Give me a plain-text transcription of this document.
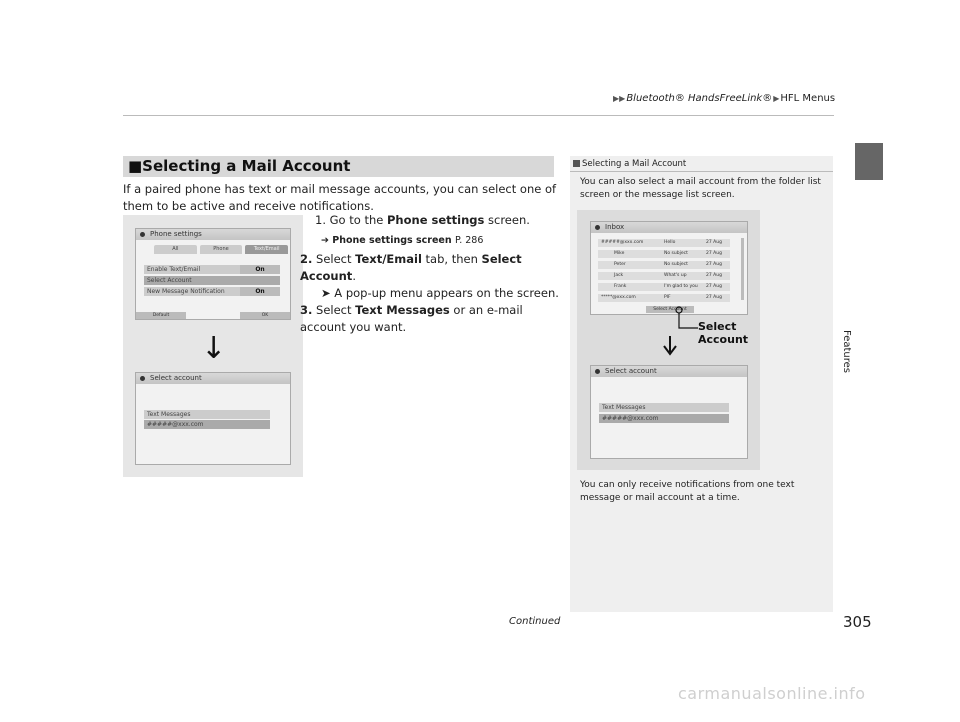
▶▶Bluetooth® HandsFreeLink®▶HFL Menus
Features
■Selecting a Mail Account
If a paired phone has text or mail message accounts, you can select one of them to be active and receive notifications.
Phone settings
All	Phone	Text/Email
Enable Text/Email	On
Select Account
New Message Notification	On
Default	OK
↓
Select account
Text Messages
#####@xxx.com
1. Go to the Phone settings screen.
➔ Phone settings screen P. 286
2. Select Text/Email tab, then Select Account.
➤ A pop-up menu appears on the screen.
3. Select Text Messages or an e-mail account you want.
Selecting a Mail Account
You can also select a mail account from the folder list screen or the message list screen.
Inbox
Select Account
#####@xxx.com	Hello	27 Aug
Mike	No subject	27 Aug
Peter	No subject	27 Aug
Jack	What's up	27 Aug
Frank	I'm glad to you 27 Aug
*****@xxx.com	PIF	27 Aug
Select
Account
Select account
Text Messages
#####@xxx.com
You can only receive notifications from one text message or mail account at a time.
Continued	305
carmanualsonline.info
